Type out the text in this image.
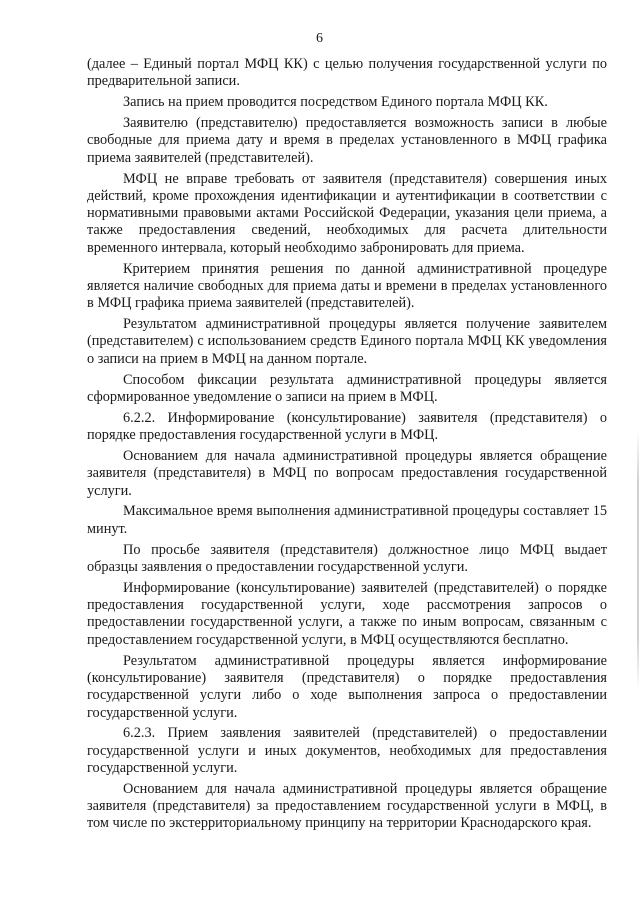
6

(далее – Единый портал МФЦ КК) с целью получения государственной услуги по предварительной записи.

Запись на прием проводится посредством Единого портала МФЦ КК.

Заявителю (представителю) предоставляется возможность записи в любые свободные для приема дату и время в пределах установленного в МФЦ графика приема заявителей (представителей).

МФЦ не вправе требовать от заявителя (представителя) совершения иных действий, кроме прохождения идентификации и аутентификации в соответствии с нормативными правовыми актами Российской Федерации, указания цели приема, а также предоставления сведений, необходимых для расчета длительности временного интервала, который необходимо забронировать для приема.

Критерием принятия решения по данной административной процедуре является наличие свободных для приема даты и времени в пределах установленного в МФЦ графика приема заявителей (представителей).

Результатом административной процедуры является получение заявителем (представителем) с использованием средств Единого портала МФЦ КК уведомления о записи на прием в МФЦ на данном портале.

Способом фиксации результата административной процедуры является сформированное уведомление о записи на прием в МФЦ.

6.2.2. Информирование (консультирование) заявителя (представителя) о порядке предоставления государственной услуги в МФЦ.

Основанием для начала административной процедуры является обращение заявителя (представителя) в МФЦ по вопросам предоставления государственной услуги.

Максимальное время выполнения административной процедуры составляет 15 минут.

По просьбе заявителя (представителя) должностное лицо МФЦ выдает образцы заявления о предоставлении государственной услуги.

Информирование (консультирование) заявителей (представителей) о порядке предоставления государственной услуги, ходе рассмотрения запросов о предоставлении государственной услуги, а также по иным вопросам, связанным с предоставлением государственной услуги, в МФЦ осуществляются бесплатно.

Результатом административной процедуры является информирование (консультирование) заявителя (представителя) о порядке предоставления государственной услуги либо о ходе выполнения запроса о предоставлении государственной услуги.

6.2.3. Прием заявления заявителей (представителей) о предоставлении государственной услуги и иных документов, необходимых для предоставления государственной услуги.

Основанием для начала административной процедуры является обращение заявителя (представителя) за предоставлением государственной услуги в МФЦ, в том числе по экстерриториальному принципу на территории Краснодарского края.
